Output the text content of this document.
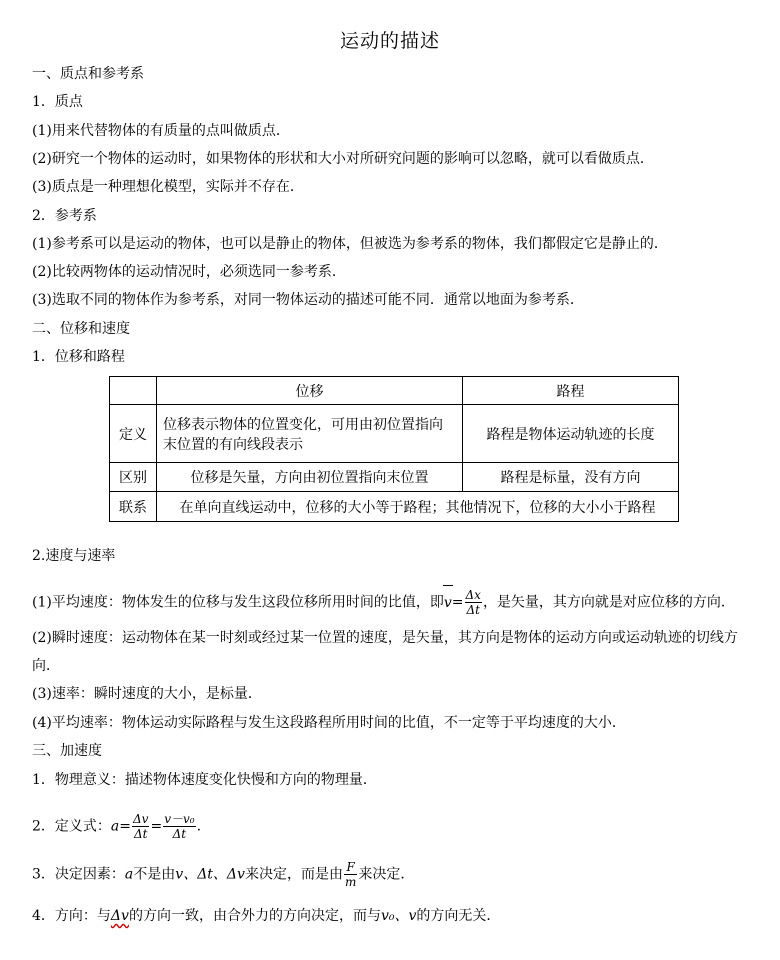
运动的描述
一、质点和参考系
1．质点
(1)用来代替物体的有质量的点叫做质点．
(2)研究一个物体的运动时，如果物体的形状和大小对所研究问题的影响可以忽略，就可以看做质点．
(3)质点是一种理想化模型，实际并不存在．
2．参考系
(1)参考系可以是运动的物体，也可以是静止的物体，但被选为参考系的物体，我们都假定它是静止的．
(2)比较两物体的运动情况时，必须选同一参考系．
(3)选取不同的物体作为参考系，对同一物体运动的描述可能不同．通常以地面为参考系．
二、位移和速度
1．位移和路程
	位移	路程
定义	位移表示物体的位置变化，可用由初位置指向
末位置的有向线段表示	路程是物体运动轨迹的长度
区别	位移是矢量，方向由初位置指向末位置	路程是标量，没有方向
联系	在单向直线运动中，位移的大小等于路程；其他情况下，位移的大小小于路程	
2.速度与速率
(1)平均速度：物体发生的位移与发生这段位移所用时间的比值，即$v= \frac{\Delta x}{\Delta t}$ ，是矢量，其方向就是对应位移的方向．
(2)瞬时速度：运动物体在某一时刻或经过某一位置的速度，是矢量，其方向是物体的运动方向或运动轨迹的切线方
向．
(3)速率：瞬时速度的大小，是标量．
(4)平均速率：物体运动实际路程与发生这段路程所用时间的比值，不一定等于平均速度的大小．
三、加速度
1．物理意义：描述物体速度变化快慢和方向的物理量．
2．定义式：$a= \frac{\Delta v}{\Delta t} = \frac{\text{v－v₀}}{\Delta t}$ .
3．决定因素：a不是由v、Δt、Δv来决定，而是由 $\frac{F}{m}$ 来决定．
4．方向：与Δv的方向一致，由合外力的方向决定，而与v₀、v的方向无关．
